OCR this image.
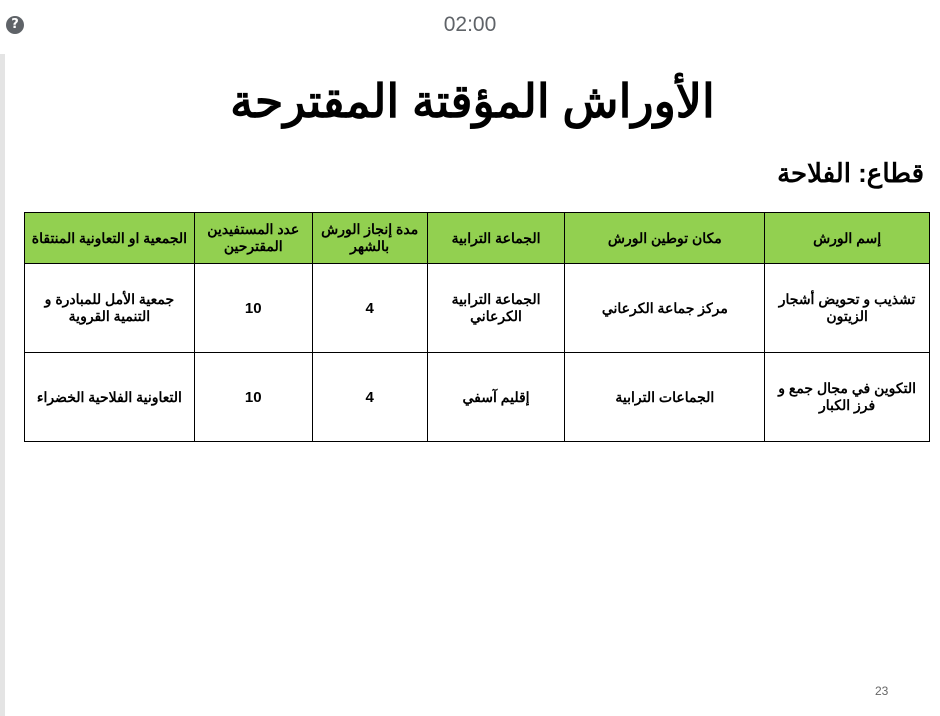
?	02:00
الأوراش المؤقتة المقترحة
قطاع: الفلاحة
إسم الورش	مكان توطين الورش	الجماعة الترابية	مدة إنجاز الورش بالشهر	عدد المستفيدين المقترحين	الجمعية او التعاونية المنتقاة
تشذيب و تحويض أشجار الزيتون	مركز جماعة الكرعاني	الجماعة الترابية الكرعاني	4	10	جمعية الأمل للمبادرة و التنمية القروية
التكوين في مجال جمع و فرز الكبار	الجماعات الترابية	إقليم آسفي	4	10	التعاونية الفلاحية الخضراء
23
